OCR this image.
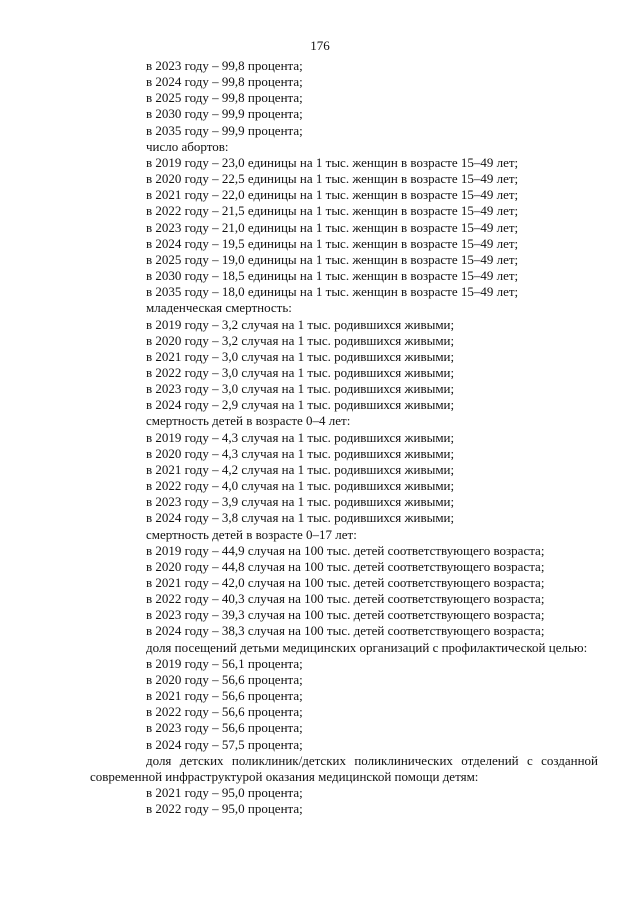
176
в 2023 году – 99,8 процента;
в 2024 году – 99,8 процента;
в 2025 году – 99,8 процента;
в 2030 году – 99,9 процента;
в 2035 году – 99,9 процента;
число абортов:
в 2019 году – 23,0 единицы на 1 тыс. женщин в возрасте 15–49 лет;
в 2020 году – 22,5 единицы на 1 тыс. женщин в возрасте 15–49 лет;
в 2021 году – 22,0 единицы на 1 тыс. женщин в возрасте 15–49 лет;
в 2022 году – 21,5 единицы на 1 тыс. женщин в возрасте 15–49 лет;
в 2023 году – 21,0 единицы на 1 тыс. женщин в возрасте 15–49 лет;
в 2024 году – 19,5 единицы на 1 тыс. женщин в возрасте 15–49 лет;
в 2025 году – 19,0 единицы на 1 тыс. женщин в возрасте 15–49 лет;
в 2030 году – 18,5 единицы на 1 тыс. женщин в возрасте 15–49 лет;
в 2035 году – 18,0 единицы на 1 тыс. женщин в возрасте 15–49 лет;
младенческая смертность:
в 2019 году – 3,2 случая на 1 тыс. родившихся живыми;
в 2020 году – 3,2 случая на 1 тыс. родившихся живыми;
в 2021 году – 3,0 случая на 1 тыс. родившихся живыми;
в 2022 году – 3,0 случая на 1 тыс. родившихся живыми;
в 2023 году – 3,0 случая на 1 тыс. родившихся живыми;
в 2024 году – 2,9 случая на 1 тыс. родившихся живыми;
смертность детей в возрасте 0–4 лет:
в 2019 году – 4,3 случая на 1 тыс. родившихся живыми;
в 2020 году – 4,3 случая на 1 тыс. родившихся живыми;
в 2021 году – 4,2 случая на 1 тыс. родившихся живыми;
в 2022 году – 4,0 случая на 1 тыс. родившихся живыми;
в 2023 году – 3,9 случая на 1 тыс. родившихся живыми;
в 2024 году – 3,8 случая на 1 тыс. родившихся живыми;
смертность детей в возрасте 0–17 лет:
в 2019 году – 44,9 случая на 100 тыс. детей соответствующего возраста;
в 2020 году – 44,8 случая на 100 тыс. детей соответствующего возраста;
в 2021 году – 42,0 случая на 100 тыс. детей соответствующего возраста;
в 2022 году – 40,3 случая на 100 тыс. детей соответствующего возраста;
в 2023 году – 39,3 случая на 100 тыс. детей соответствующего возраста;
в 2024 году – 38,3 случая на 100 тыс. детей соответствующего возраста;
доля посещений детьми медицинских организаций с профилактической целью:
в 2019 году – 56,1 процента;
в 2020 году – 56,6 процента;
в 2021 году – 56,6 процента;
в 2022 году – 56,6 процента;
в 2023 году – 56,6 процента;
в 2024 году – 57,5 процента;
доля детских поликлиник/детских поликлинических отделений с созданной современной инфраструктурой оказания медицинской помощи детям:
в 2021 году – 95,0 процента;
в 2022 году – 95,0 процента;
